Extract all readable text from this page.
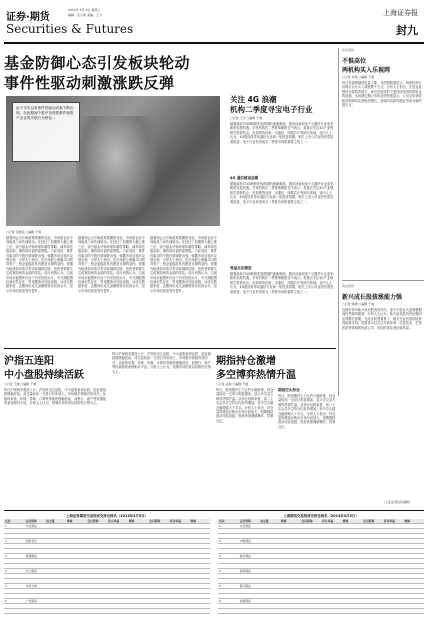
证券·期货
Securities & Futures
2013年 3月 6日 星期三
编辑：张小燕 美编：王力	上海证券报
封九
基金防御心态引发板块轮动
事件性驱动刺激涨跌反弹
由于今年以来事件性驱动或素不断出现，在此期间个股中呈现着事件和资产企业的关联行为特征…
○记者 张晓芸 ○编辑 于晨
随着两会召开和政策预期的变化，市场资金在不同板块之间快速轮动。在经历了前期的大幅上涨之后，部分基金开始采取防御性策略，减持高估值品种，增持低估值的蓝筹股。与此同时，事件性驱动的个股行情频繁出现，刺激市场呈现出反弹态势。分析人士指出，在市场缺乏明确方向的背景下，资金更偏好具有题材支撑的品种，短期内板块轮动的节奏可能继续加快，投资者需要关注政策面和资金面的变化。部分机构认为，当前市场估值整体仍处于历史较低水平，中长期配置价值依然存在，但短期波动可能加剧。从成交数据来看，近期两市成交金额维持在较高水平，显示市场活跃度有所提升。
随着两会召开和政策预期的变化，市场资金在不同板块之间快速轮动。在经历了前期的大幅上涨之后，部分基金开始采取防御性策略，减持高估值品种，增持低估值的蓝筹股。与此同时，事件性驱动的个股行情频繁出现，刺激市场呈现出反弹态势。分析人士指出，在市场缺乏明确方向的背景下，资金更偏好具有题材支撑的品种，短期内板块轮动的节奏可能继续加快，投资者需要关注政策面和资金面的变化。部分机构认为，当前市场估值整体仍处于历史较低水平，中长期配置价值依然存在，但短期波动可能加剧。从成交数据来看，近期两市成交金额维持在较高水平，显示市场活跃度有所提升。
随着两会召开和政策预期的变化，市场资金在不同板块之间快速轮动。在经历了前期的大幅上涨之后，部分基金开始采取防御性策略，减持高估值品种，增持低估值的蓝筹股。与此同时，事件性驱动的个股行情频繁出现，刺激市场呈现出反弹态势。分析人士指出，在市场缺乏明确方向的背景下，资金更偏好具有题材支撑的品种，短期内板块轮动的节奏可能继续加快，投资者需要关注政策面和资金面的变化。部分机构认为，当前市场估值整体仍处于历史较低水平，中长期配置价值依然存在，但短期波动可能加剧。从成交数据来看，近期两市成交金额维持在较高水平，显示市场活跃度有所提升。
关注 4G 浪潮
机构二季度寻宝电子行业
○记者 王宇 ○编辑 于晨
随着政府对4G牌照发放预期的逐渐明朗，通信设备和电子元器件行业迎来新的发展机遇。多家机构在二季度策略报告中表示，将重点关注4G产业链相关投资机会，包括网络设备、光通信、终端芯片等细分领域。业内人士认为，4G建设将带动通信行业新一轮投资周期，相关上市公司业绩有望显著改善，电子行业有望成为二季度市场的重要主线之一。
4G 通信建设前期
随着政府对4G牌照发放预期的逐渐明朗，通信设备和电子元器件行业迎来新的发展机遇。多家机构在二季度策略报告中表示，将重点关注4G产业链相关投资机会，包括网络设备、光通信、终端芯片等细分领域。业内人士认为，4G建设将带动通信行业新一轮投资周期，相关上市公司业绩有望显著改善，电子行业有望成为二季度市场的重要主线之一。
受益点在哪里
随着政府对4G牌照发放预期的逐渐明朗，通信设备和电子元器件行业迎来新的发展机遇。多家机构在二季度策略报告中表示，将重点关注4G产业链相关投资机会，包括网络设备、光通信、终端芯片等细分领域。业内人士认为，4G建设将带动通信行业新一轮投资周期，相关上市公司业绩有望显著改善，电子行业有望成为二季度市场的重要主线之一。
基金观察
不惧高位
两机构买入乐视网
○记者 刘伟 ○编辑 于晨
昨日乐视网继续放量上涨，龙虎榜数据显示，两家机构专用席位合计买入该股数千万元。分析人士指出，在创业板整体走强的背景下，成长性较好的个股持续受到机构资金的追捧。乐视网近期公布的业绩快报显示，公司全年营收和净利润均实现较快增长，视频内容和终端业务成为新的增长点。
期货观察
新兴成长股拔涨能力强
○记者 陈晓 ○编辑 于晨
近期市场中新兴成长股表现突出，部分个股在大盘调整期间仍然保持强势。分析人士认为，新兴成长股具有较强的业绩增长预期，在经济转型背景下，相关行业有望持续获得政策支持。投资者可以关注节能环保、信息技术、生物医药等领域的优质公司，但同时需注意估值风险。
（上证证券投资编辑）
沪指五连阳
中小盘股持续活跃
○记者 王晓 ○编辑 于晨
昨日沪深两市震荡上行，沪指收出五连阳，中小盘股表现活跃，创业板指数涨幅居前。成交量较前一交易日有所放大，市场做多情绪有所回升。从板块来看，环保、传媒、计算机等板块涨幅居前，而银行、地产等权重板块表现相对平淡。分析人士认为，短期市场仍将以结构性行情为主。
昨日沪深两市震荡上行，沪指收出五连阳，中小盘股表现活跃，创业板指数涨幅居前。成交量较前一交易日有所放大，市场做多情绪有所回升。从板块来看，环保、传媒、计算机等板块涨幅居前，而银行、地产等权重板块表现相对平淡。分析人士认为，短期市场仍将以结构性行情为主。
期指持仓激增
多空博弈热情升温
○记者 孟晨 ○编辑 于晨
昨日，股指期货主力合约小幅收涨，持仓量较前一交易日明显增加，显示多空双方博弈热情升温。从持仓结构来看，前二十名会员多空持仓均有所增加，其中空头增仓幅度略大于多头。分析人士指出，持仓量的增加反映出市场分歧加大，短期期指波动可能加剧，投资者需谨慎操作，控制仓位。
期指空头持仓
昨日，股指期货主力合约小幅收涨，持仓量较前一交易日明显增加，显示多空双方博弈热情升温。从持仓结构来看，前二十名会员多空持仓均有所增加，其中空头增仓幅度略大于多头。分析人士指出，持仓量的增加反映出市场分歧加大，短期期指波动可能加剧，投资者需谨慎操作，控制仓位。
上海证券期货交易所成交持仓排名（2013年3月5日）
名次	会员简称	成交量	增减	会员简称	持买单量	增减	会员简称	持卖单量	增减
1	中证期货
2	国泰君安
3	海通期货
4	光大期货
5	华泰长城
6	广发期货
上海期货交易所成交持仓排名（2013年3月5日）
名次	会员简称	成交量	增减	会员简称	持买单量	增减	会员简称	持卖单量	增减
1	永安期货
2	中粮期货
3	南华期货
4	浙商期货
5	银河期货
6	金瑞期货
